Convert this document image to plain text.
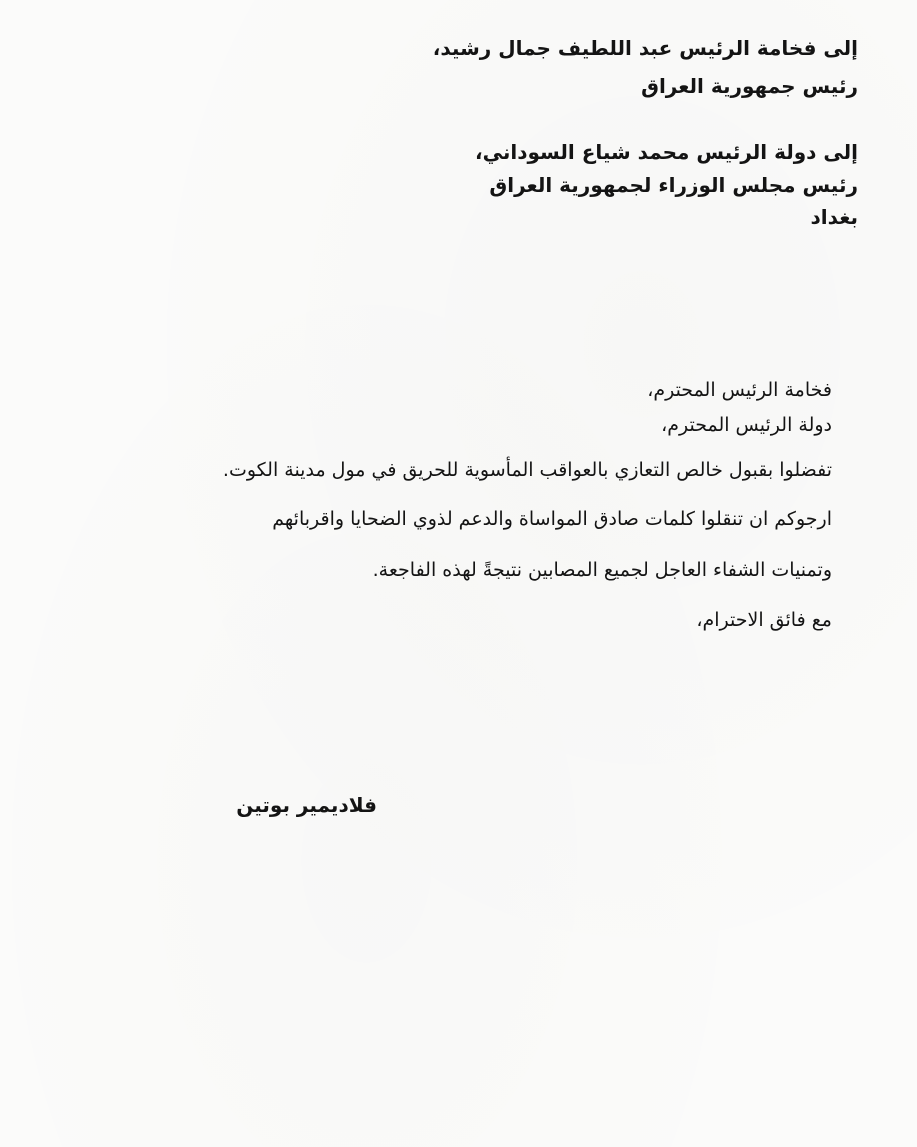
إلى فخامة الرئيس عبد اللطيف جمال رشيد،
رئيس جمهورية العراق
إلى دولة الرئيس محمد شياع السوداني،
رئيس مجلس الوزراء لجمهورية العراق
بغداد
فخامة الرئيس المحترم،
دولة الرئيس المحترم،
تفضلوا بقبول خالص التعازي بالعواقب المأسوية للحريق في مول مدينة الكوت.
ارجوكم ان تنقلوا كلمات صادق المواساة والدعم لذوي الضحايا واقربائهم
وتمنيات الشفاء العاجل لجميع المصابين نتيجةً لهذه الفاجعة.
مع فائق الاحترام،
فلاديمير بوتين
